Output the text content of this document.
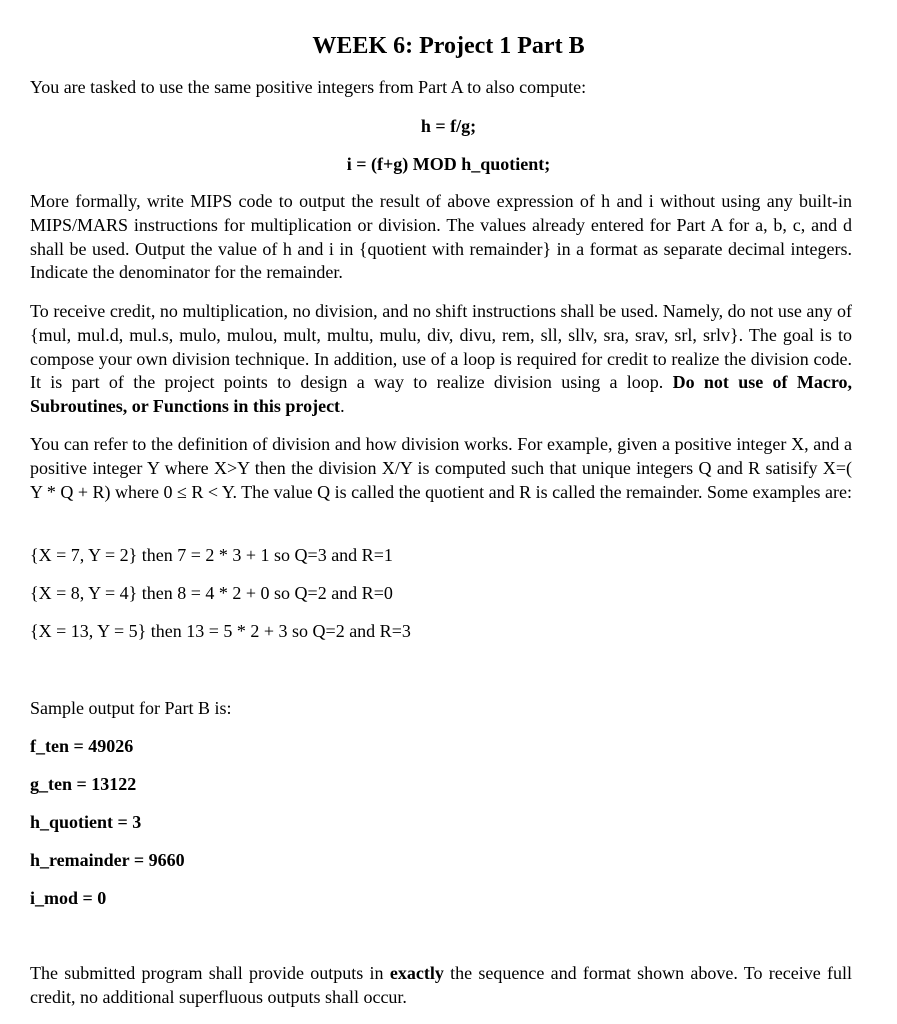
WEEK 6: Project 1 Part B
You are tasked to use the same positive integers from Part A to also compute:
h = f/g;
i = (f+g) MOD h_quotient;
More formally, write MIPS code to output the result of above expression of h and i without using any built-in MIPS/MARS instructions for multiplication or division. The values already entered for Part A for a, b, c, and d shall be used. Output the value of h and i in {quotient with remainder} in a format as separate decimal integers. Indicate the denominator for the remainder.
To receive credit, no multiplication, no division, and no shift instructions shall be used. Namely, do not use any of {mul, mul.d, mul.s, mulo, mulou, mult, multu, mulu, div, divu, rem, sll, sllv, sra, srav, srl, srlv}. The goal is to compose your own division technique. In addition, use of a loop is required for credit to realize the division code. It is part of the project points to design a way to realize division using a loop. Do not use of Macro, Subroutines, or Functions in this project.
You can refer to the definition of division and how division works. For example, given a positive integer X, and a positive integer Y where X>Y then the division X/Y is computed such that unique integers Q and R satisify X=( Y * Q + R) where 0 ≤ R < Y. The value Q is called the quotient and R is called the remainder. Some examples are:
{X = 7, Y = 2} then 7 = 2 * 3 + 1 so Q=3 and R=1
{X = 8, Y = 4} then 8 = 4 * 2 + 0 so Q=2 and R=0
{X = 13, Y = 5} then 13 = 5 * 2 + 3 so Q=2 and R=3
Sample output for Part B is:
f_ten = 49026
g_ten = 13122
h_quotient = 3
h_remainder = 9660
i_mod = 0
The submitted program shall provide outputs in exactly the sequence and format shown above. To receive full credit, no additional superfluous outputs shall occur.
